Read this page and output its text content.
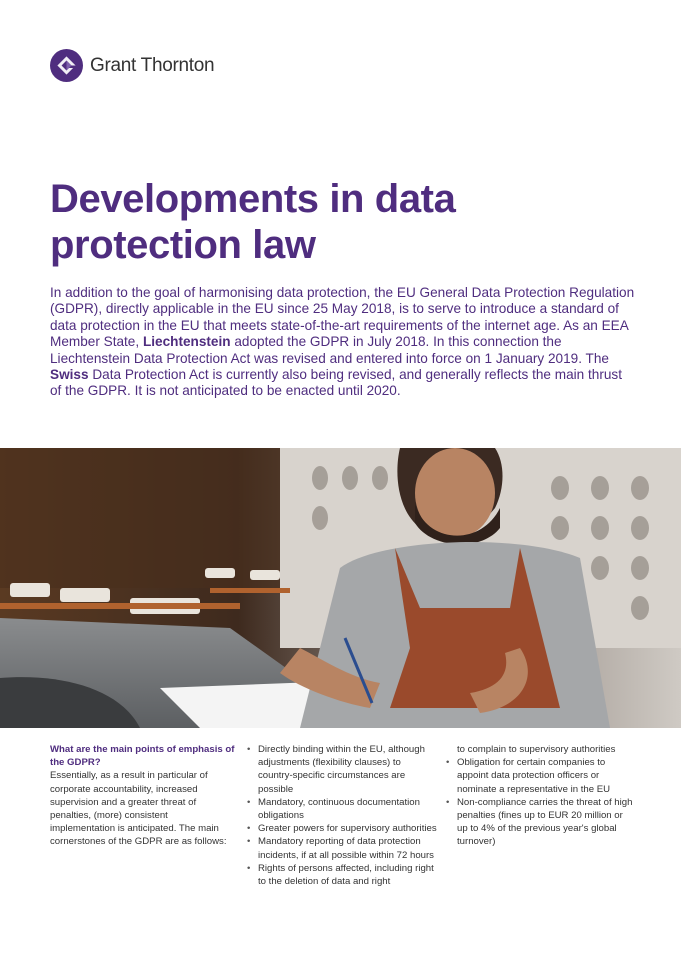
Grant Thornton
Developments in data protection law

In addition to the goal of harmonising data protection, the EU General Data Protection Regulation (GDPR), directly applicable in the EU since 25 May 2018, is to serve to introduce a standard of data protection in the EU that meets state-of-the-art requirements of the internet age. As an EEA Member State, Liechtenstein adopted the GDPR in July 2018. In this connection the Liechtenstein Data Protection Act was revised and entered into force on 1 January 2019. The Swiss Data Protection Act is currently also being revised, and generally reflects the main thrust of the GDPR. It is not anticipated to be enacted until 2020.

What are the main points of emphasis of the GDPR?

Essentially, as a result in particular of corporate accountability, increased supervision and a greater threat of penalties, (more) consistent implementation is anticipated. The main cornerstones of the GDPR are as follows:

• Directly binding within the EU, although adjustments (flexibility clauses) to country-specific circumstances are possible
• Mandatory, continuous documentation obligations
• Greater powers for supervisory authorities
• Mandatory reporting of data protection incidents, if at all possible within 72 hours
• Rights of persons affected, including right to the deletion of data and right
to complain to supervisory authorities
• Obligation for certain companies to appoint data protection officers or nominate a representative in the EU
• Non-compliance carries the threat of high penalties (fines up to EUR 20 million or up to 4% of the previous year's global turnover)
